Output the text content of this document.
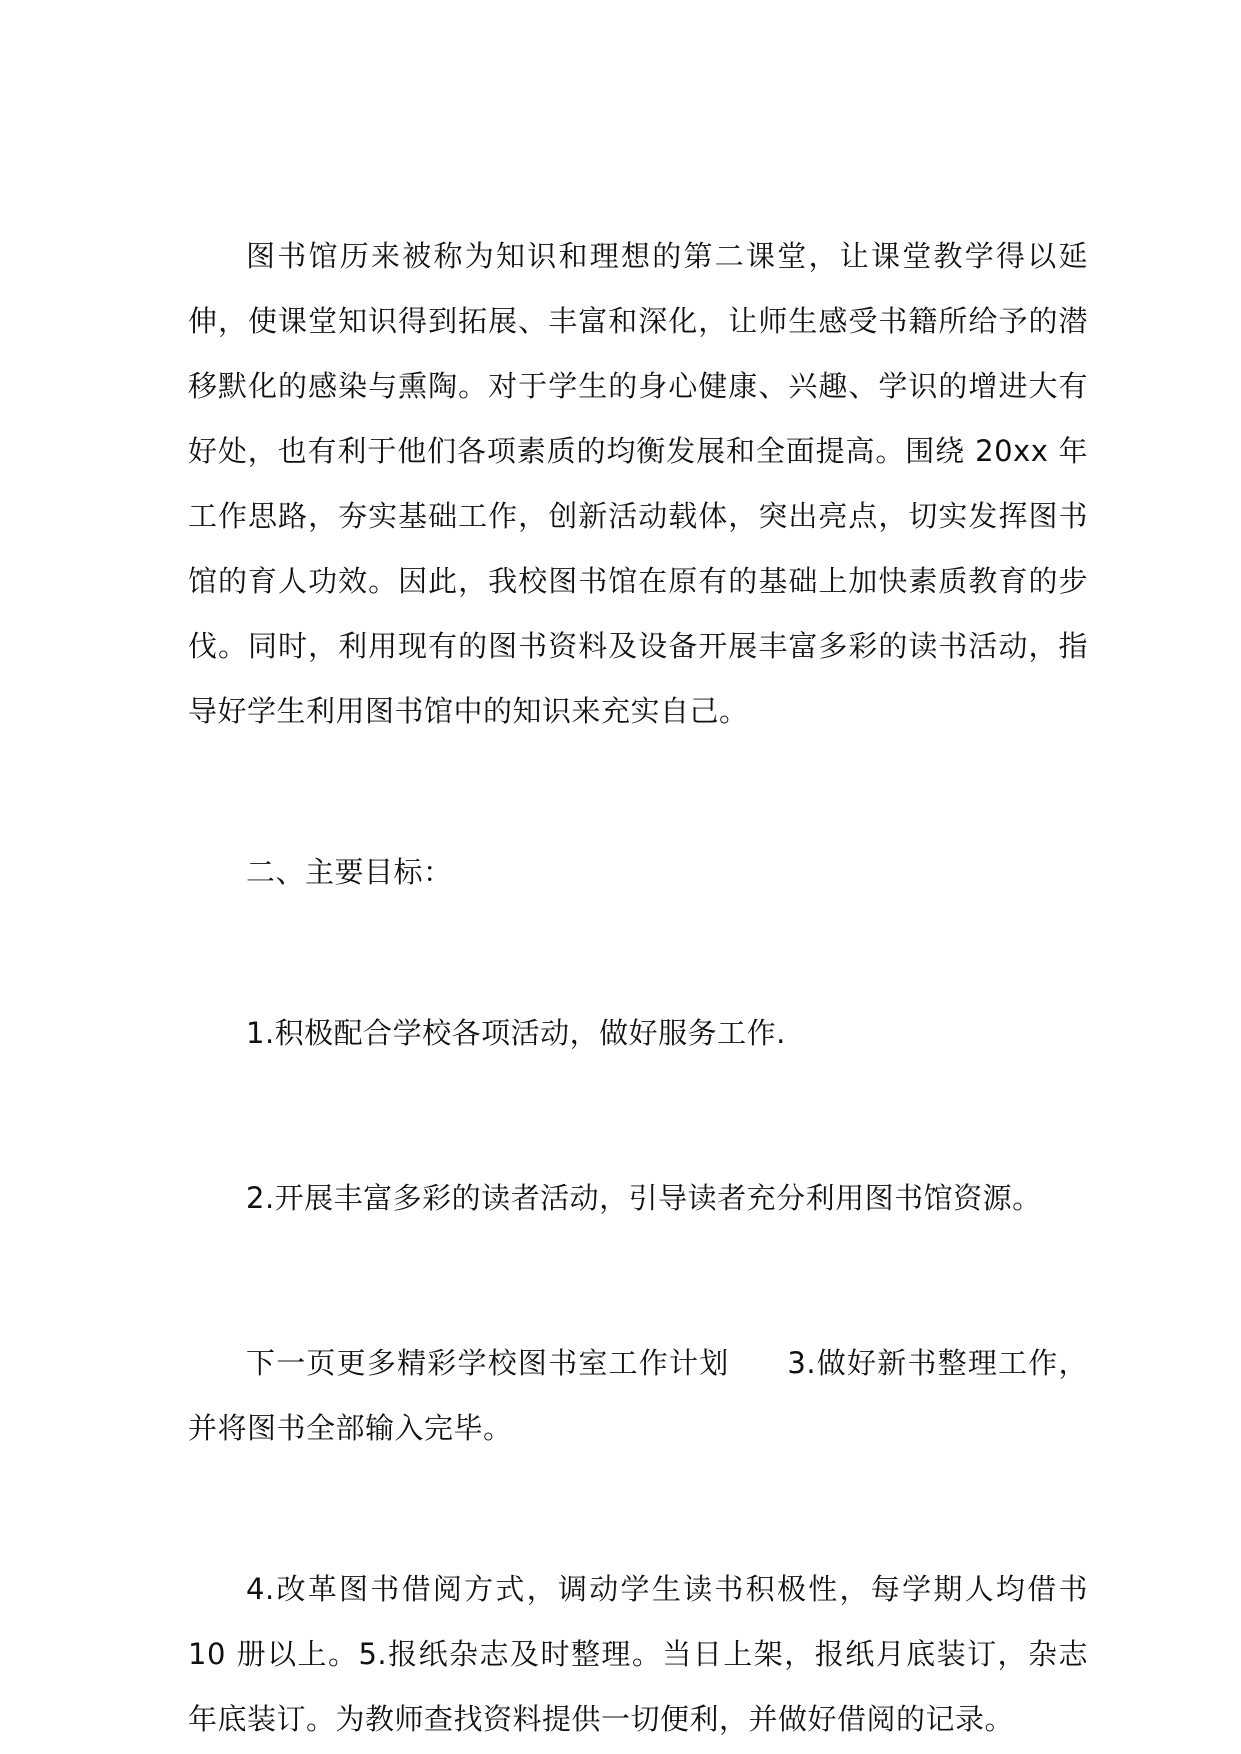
图书馆历来被称为知识和理想的第二课堂，让课堂教学得以延伸，使课堂知识得到拓展、丰富和深化，让师生感受书籍所给予的潜移默化的感染与熏陶。对于学生的身心健康、兴趣、学识的增进大有好处，也有利于他们各项素质的均衡发展和全面提高。围绕 20xx 年工作思路，夯实基础工作，创新活动载体，突出亮点，切实发挥图书馆的育人功效。因此，我校图书馆在原有的基础上加快素质教育的步伐。同时，利用现有的图书资料及设备开展丰富多彩的读书活动，指导好学生利用图书馆中的知识来充实自己。

二、主要目标：

1.积极配合学校各项活动，做好服务工作.

2.开展丰富多彩的读者活动，引导读者充分利用图书馆资源。

下一页更多精彩学校图书室工作计划 3.做好新书整理工作，并将图书全部输入完毕。

4.改革图书借阅方式，调动学生读书积极性，每学期人均借书 10 册以上。5.报纸杂志及时整理。当日上架，报纸月底装订，杂志年底装订。为教师查找资料提供一切便利，并做好借阅的记录。
